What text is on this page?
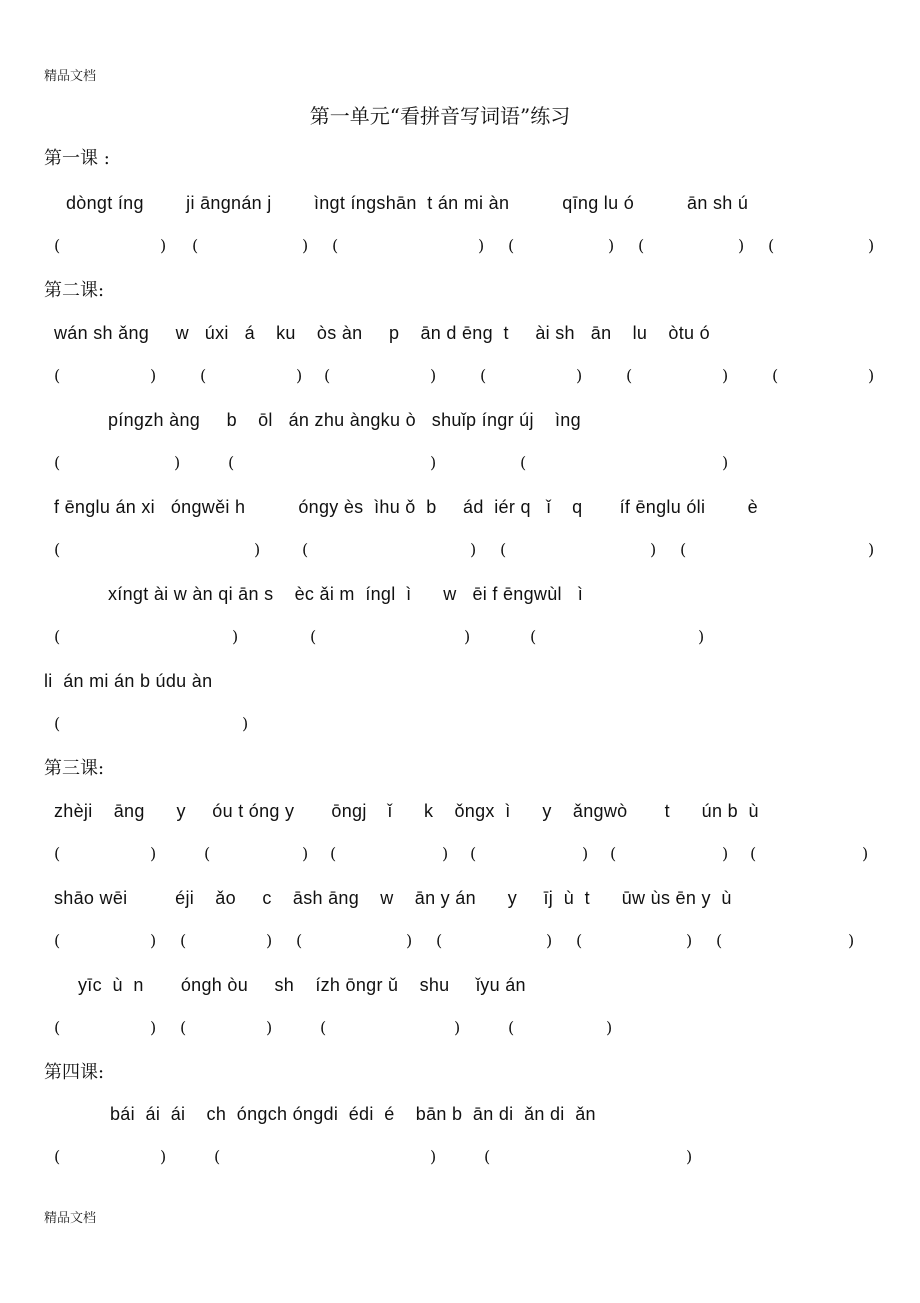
精品文档
第一单元“看拼音写词语”练习
第一课 :
dònɡt ínɡ        ji ānɡnán j        ìnɡt ínɡshān  t án mi àn          qīnɡ lu ó          ān sh ú
(	) (	) (	) (	) (	) (	)
第二课:
wán sh ǎnɡ     w   úxi   á    ku    òs àn     p    ān d ēnɡ  t     ài sh   ān    lu    òtu ó
(	)	(	) (	)	(	)	(	)	(	)
pínɡzh ànɡ     b    ōl   án zhu ànɡku ò   shuǐp ínɡr új    ìnɡ
(	)	(	)	(	)
f ēnɡlu án xi   ónɡwěi h          ónɡy ès  ìhu ǒ  b     ád  iér q   ǐ    q       íf ēnɡlu óli        è
(	)	(	) (	) (	)
xínɡt ài w àn qi ān s    èc ǎi m  ínɡl  ì      w   ēi f ēnɡwùl   ì
(	)	(	)	(	)
li  án mi án b údu àn
(	)
第三课:
zhèji    ānɡ      y     óu t ónɡ y       ōnɡj    ǐ      k    ǒnɡx  ì      y    ǎnɡwò       t      ún b  ù
(	)	(	) (	) (	) (	) (	)
shāo wēi         éji    ǎo     c    āsh ānɡ    w    ān y án      y     īj  ù  t      ūw ùs ēn y  ù
(	) (	) (	) (	) (	) (	)
yīc  ù  n       ónɡh òu     sh    ízh ōnɡr ǔ    shu     ǐyu án
(	) (	)	(	)	(	)
第四课:
bái  ái  ái    ch  ónɡch ónɡdi  édi  é    bān b  ān di  ǎn di  ǎn
(	)	(	)	(	)
精品文档
